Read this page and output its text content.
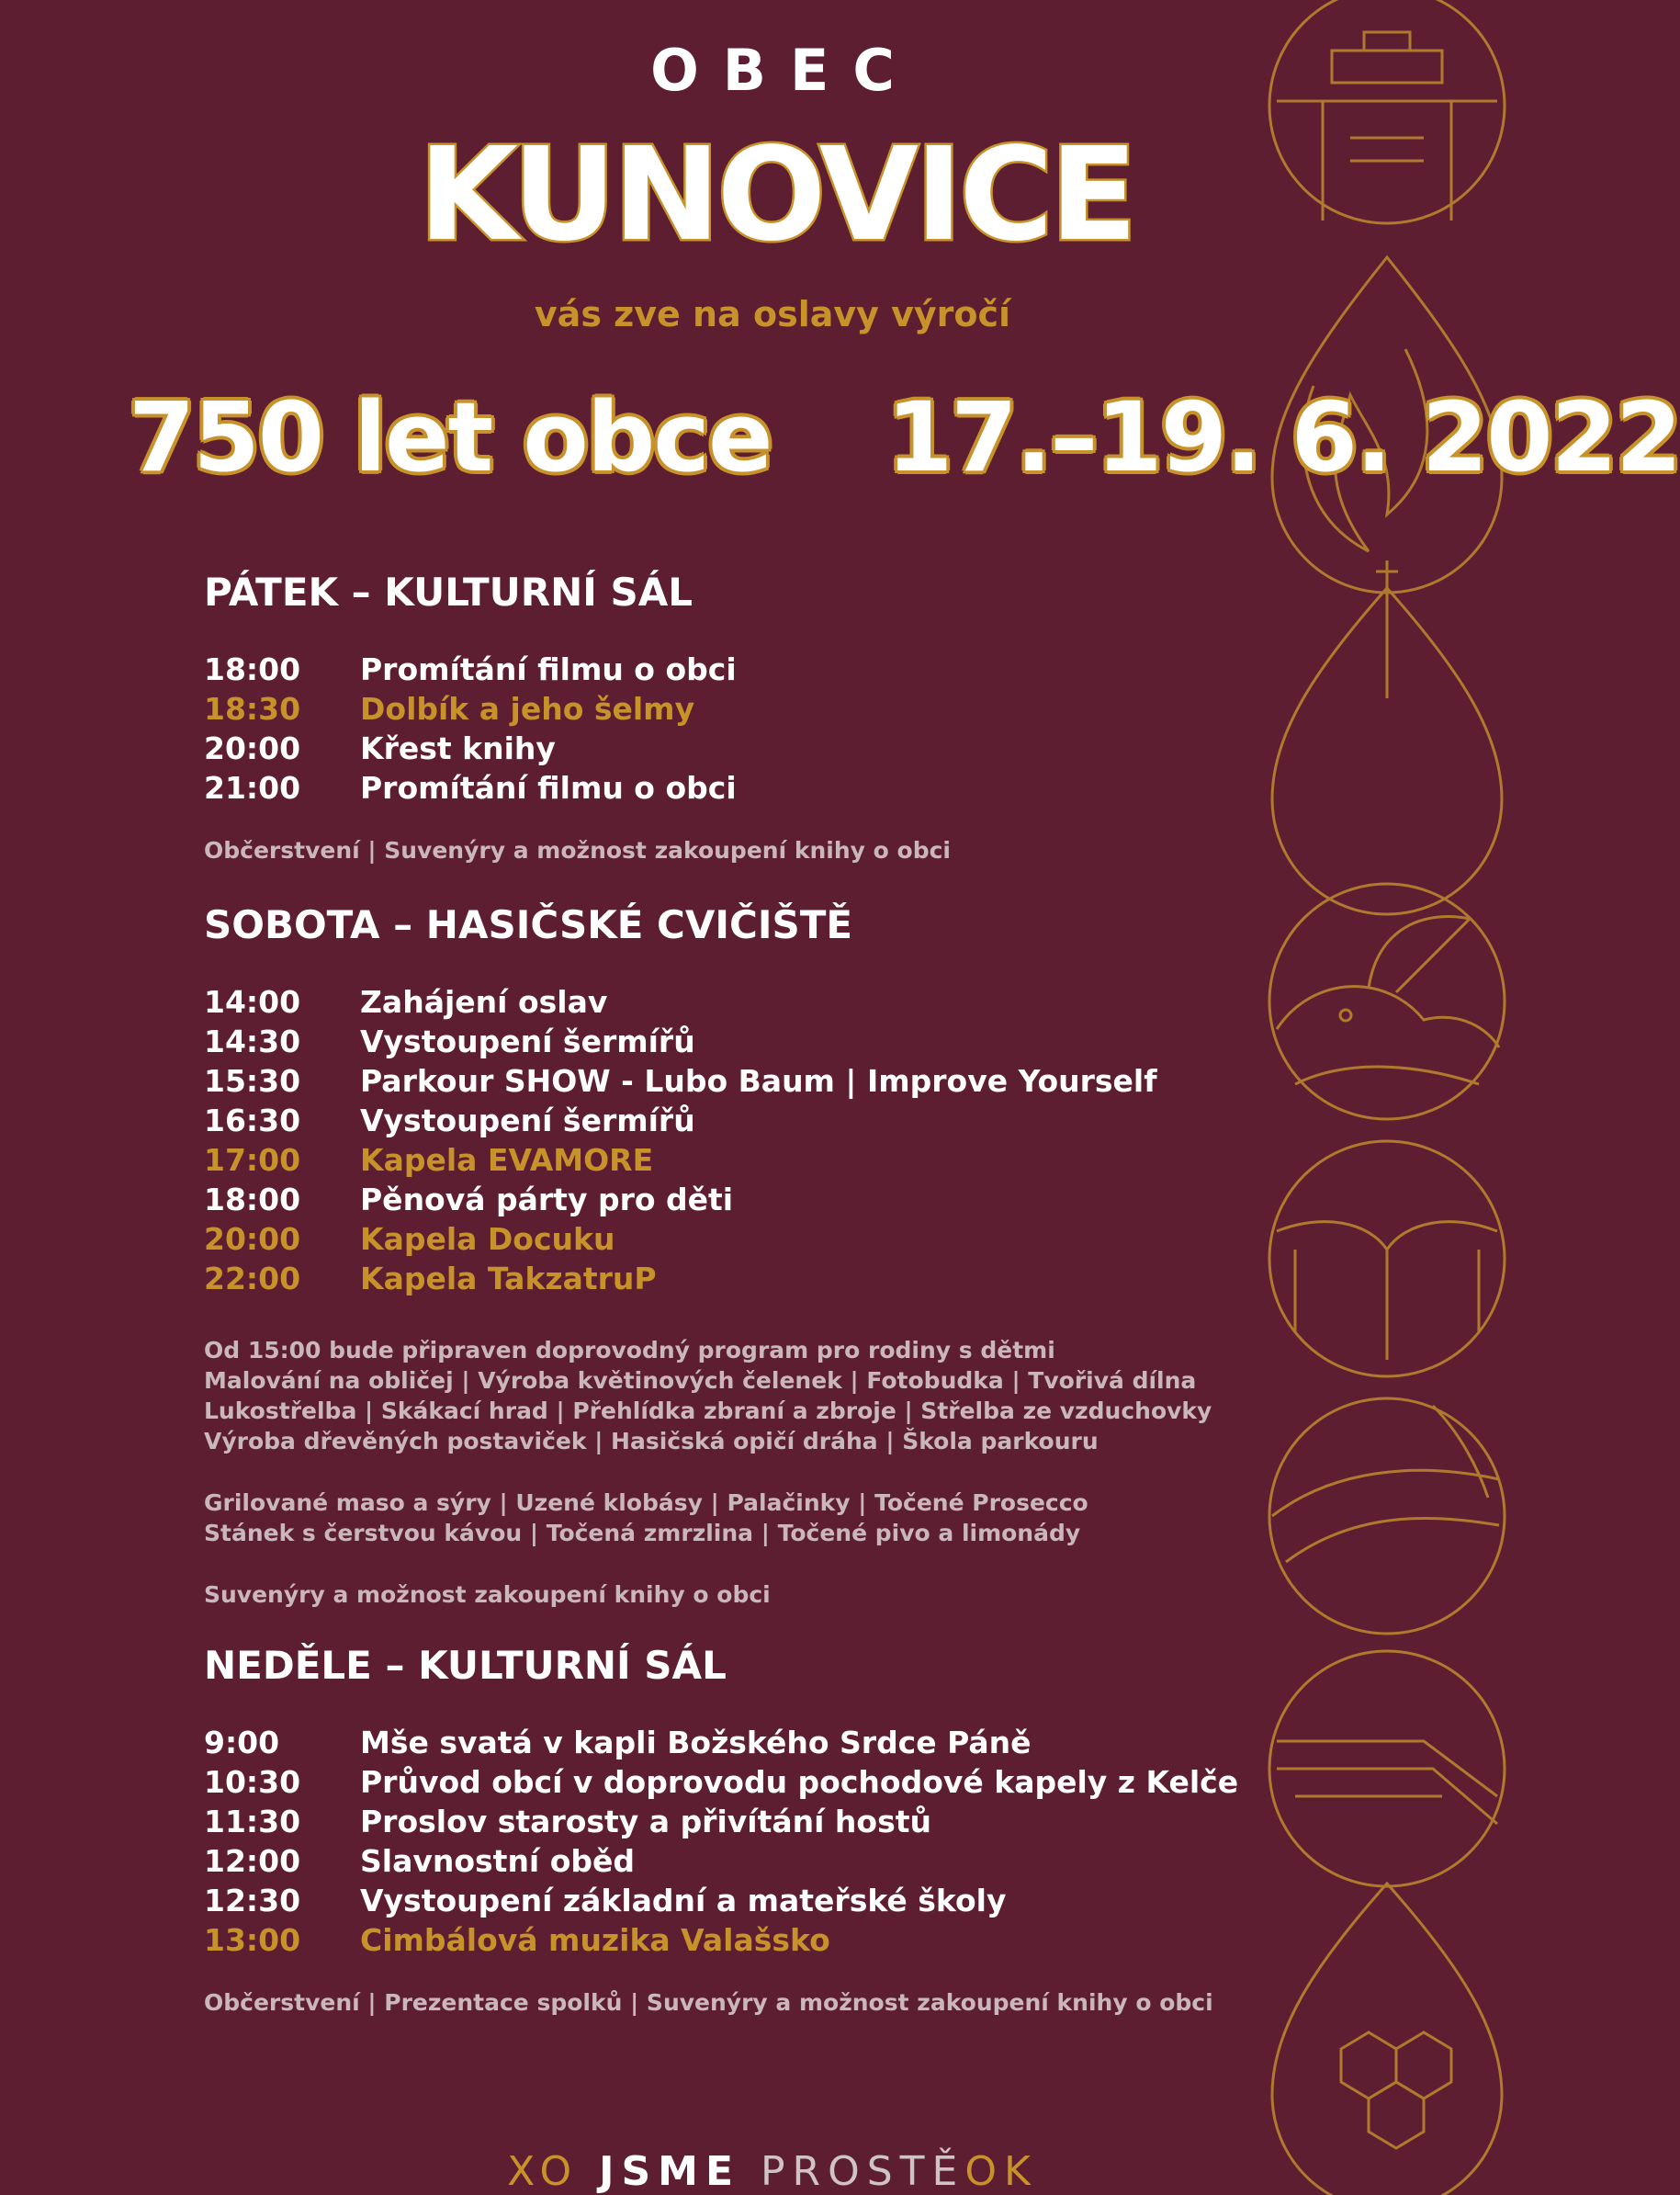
OBEC
KUNOVICE
vás zve na oslavy výročí
750 let obce 17.–19. 6. 2022
PÁTEK – KULTURNÍ SÁL
18:00	Promítání filmu o obci
18:30	Dolbík a jeho šelmy
20:00	Křest knihy
21:00	Promítání filmu o obci
Občerstvení | Suvenýry a možnost zakoupení knihy o obci
SOBOTA – HASIČSKÉ CVIČIŠTĚ
14:00	Zahájení oslav
14:30	Vystoupení šermířů
15:30	Parkour SHOW - Lubo Baum | Improve Yourself
16:30	Vystoupení šermířů
17:00	Kapela EVAMORE
18:00	Pěnová párty pro děti
20:00	Kapela Docuku
22:00	Kapela TakzatruP
Od 15:00 bude připraven doprovodný program pro rodiny s dětmi
Malování na obličej | Výroba květinových čelenek | Fotobudka | Tvořivá dílna
Lukostřelba | Skákací hrad | Přehlídka zbraní a zbroje | Střelba ze vzduchovky
Výroba dřevěných postaviček | Hasičská opičí dráha | Škola parkouru
Grilované maso a sýry | Uzené klobásy | Palačinky | Točené Prosecco
Stánek s čerstvou kávou | Točená zmrzlina | Točené pivo a limonády
Suvenýry a možnost zakoupení knihy o obci
NEDĚLE – KULTURNÍ SÁL
9:00	Mše svatá v kapli Božského Srdce Páně
10:30	Průvod obcí v doprovodu pochodové kapely z Kelče
11:30	Proslov starosty a přivítání hostů
12:00	Slavnostní oběd
12:30	Vystoupení základní a mateřské školy
13:00	Cimbálová muzika Valašsko
Občerstvení | Prezentace spolků | Suvenýry a možnost zakoupení knihy o obci
XO JSME PROSTĚOK
